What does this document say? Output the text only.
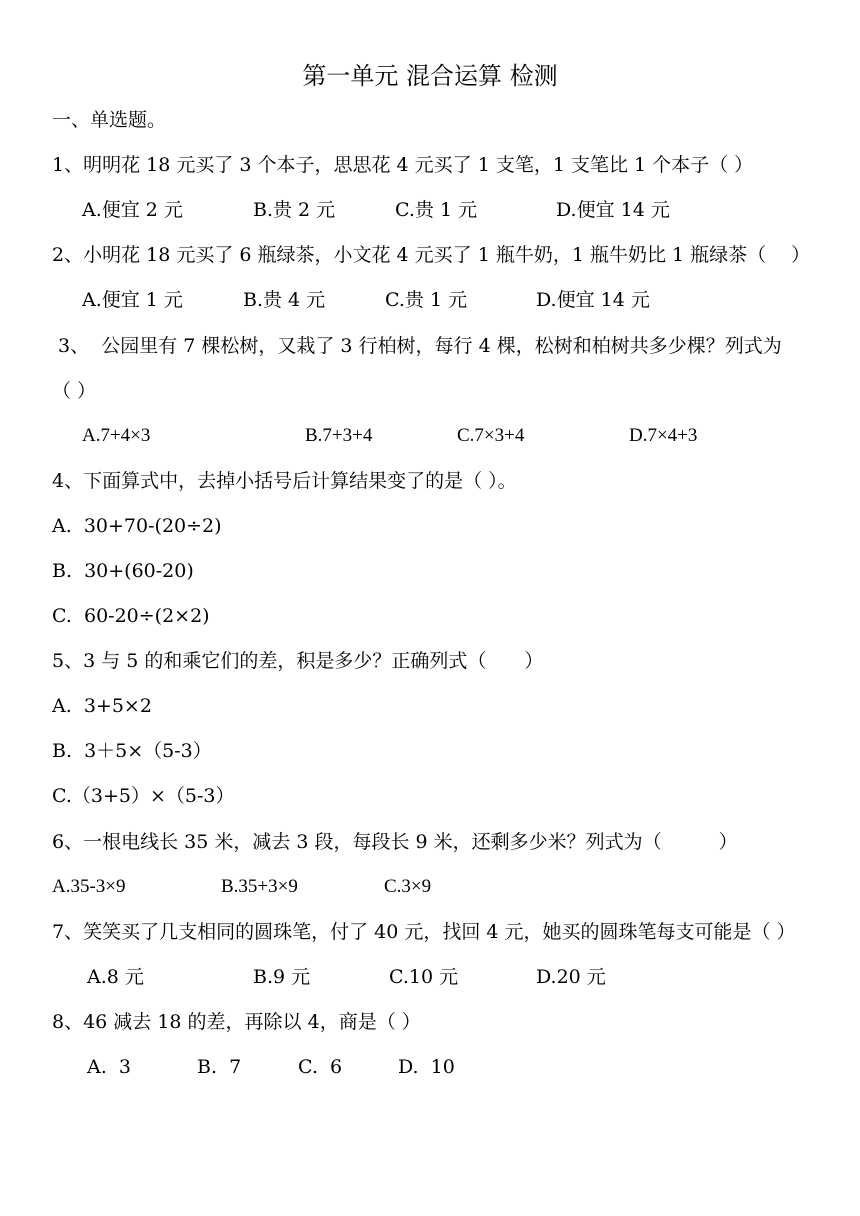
第一单元 混合运算 检测
一、单选题。
1、明明花 18 元买了 3 个本子，思思花 4 元买了 1 支笔，1 支笔比 1 个本子（ ）
A.便宜 2 元	B.贵 2 元	C.贵 1 元	D.便宜 14 元
2、小明花 18 元买了 6 瓶绿茶，小文花 4 元买了 1 瓶牛奶，1 瓶牛奶比 1 瓶绿茶（　 ）
A.便宜 1 元	B.贵 4 元	C.贵 1 元	D.便宜 14 元
3、  公园里有 7 棵松树，又栽了 3 行柏树，每行 4 棵，松树和柏树共多少棵？列式为
（ ）
A.7+4×3	B.7+3+4	C.7×3+4	D.7×4+3
4、下面算式中，去掉小括号后计算结果变了的是（ ）。
A.  30+70-(20÷2)
B.  30+(60-20)
C.  60-20÷(2×2)
5、3 与 5 的和乘它们的差，积是多少？正确列式（　　）
A.  3+5×2
B.  3＋5×（5-3）
C.（3+5）×（5-3）
6、一根电线长 35 米，减去 3 段，每段长 9 米，还剩多少米？列式为（　　　）
A.35-3×9	B.35+3×9	C.3×9
7、笑笑买了几支相同的圆珠笔，付了 40 元，找回 4 元，她买的圆珠笔每支可能是（ ）
A.8 元	B.9 元	C.10 元	D.20 元
8、46 减去 18 的差，再除以 4，商是（ ）
A.  3	B.  7	C.  6	D.  10
